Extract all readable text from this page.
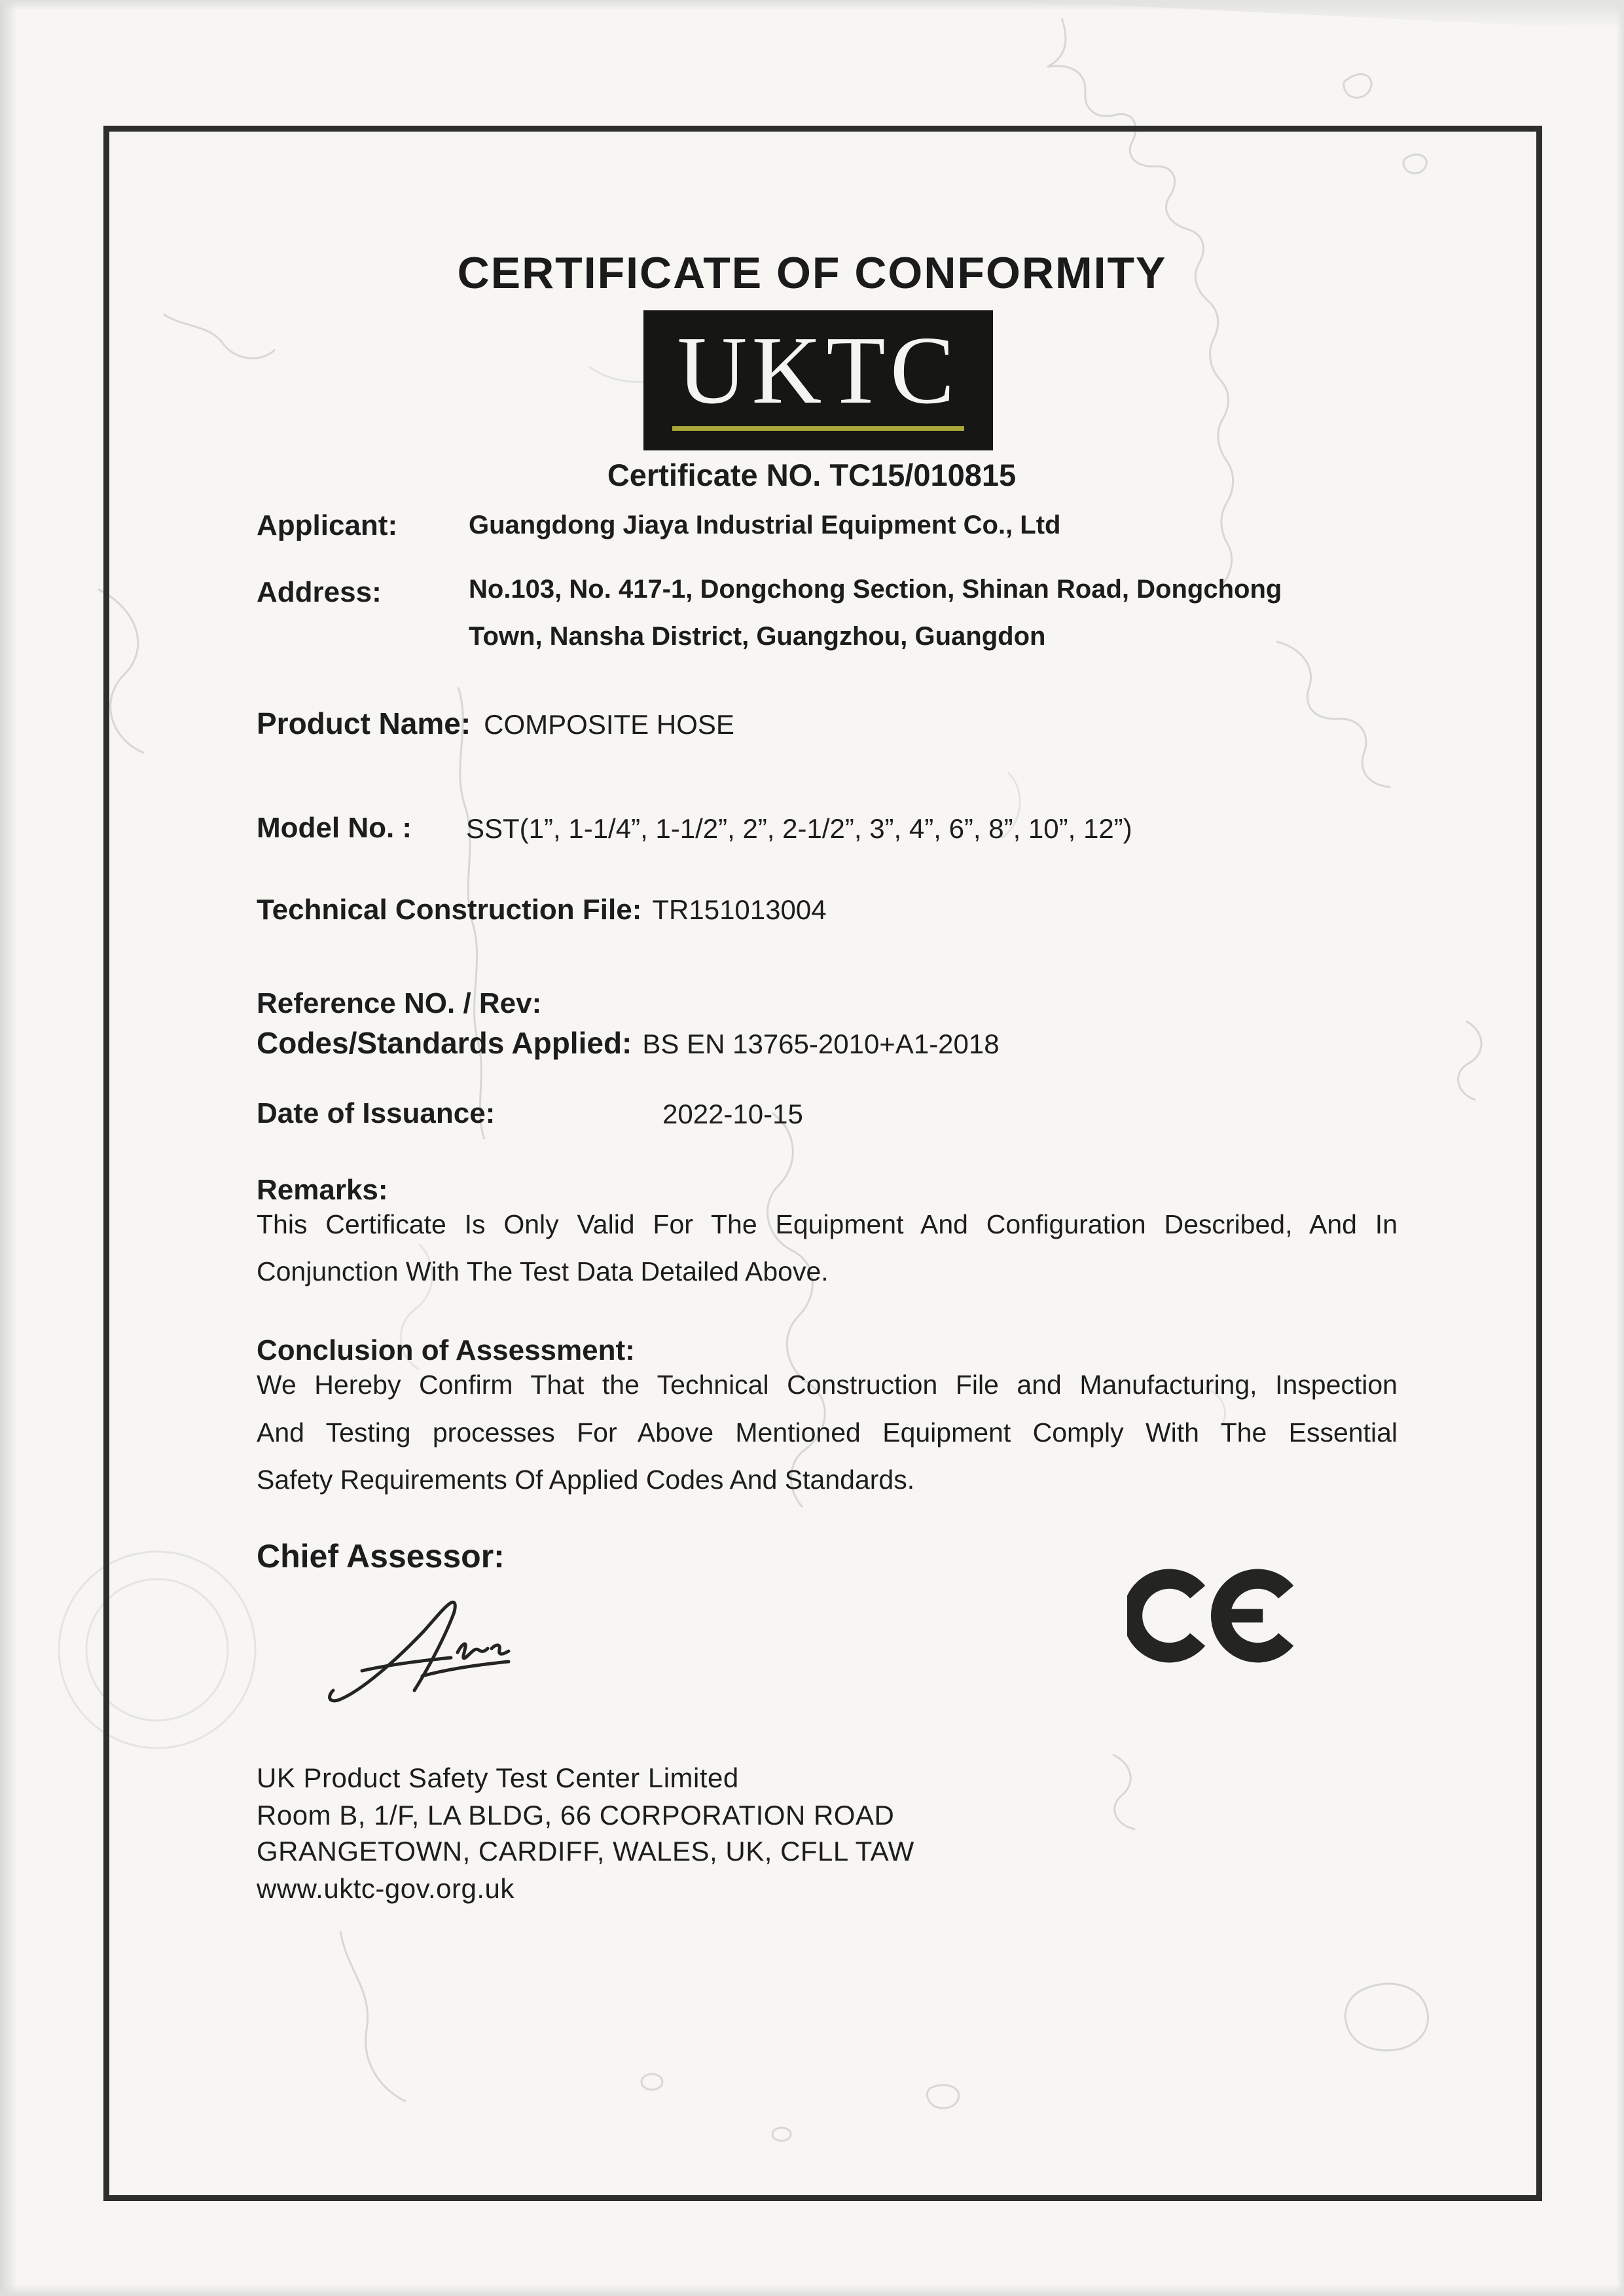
CERTIFICATE OF CONFORMITY
UKTC
Certificate NO. TC15/010815
Applicant:	Guangdong Jiaya Industrial Equipment Co., Ltd
Address:	No.103, No. 417-1, Dongchong Section, Shinan Road, Dongchong
Town, Nansha District, Guangzhou, Guangdon
Product Name: COMPOSITE HOSE
Model No. : SST(1”, 1-1/4”, 1-1/2”, 2”, 2-1/2”, 3”, 4”, 6”, 8”, 10”, 12”)
Technical Construction File: TR151013004
Reference NO. / Rev:
Codes/Standards Applied: BS EN 13765-2010+A1-2018
Date of Issuance:	2022-10-15
Remarks:
This Certificate Is Only Valid For The Equipment And Configuration Described, And In
Conjunction With The Test Data Detailed Above.
Conclusion of Assessment:
We Hereby Confirm That the Technical Construction File and Manufacturing, Inspection
And Testing processes For Above Mentioned Equipment Comply With The Essential
Safety Requirements Of Applied Codes And Standards.
Chief Assessor:
UK Product Safety Test Center Limited
Room B, 1/F, LA BLDG, 66 CORPORATION ROAD
GRANGETOWN, CARDIFF, WALES, UK, CFLL TAW
www.uktc-gov.org.uk
